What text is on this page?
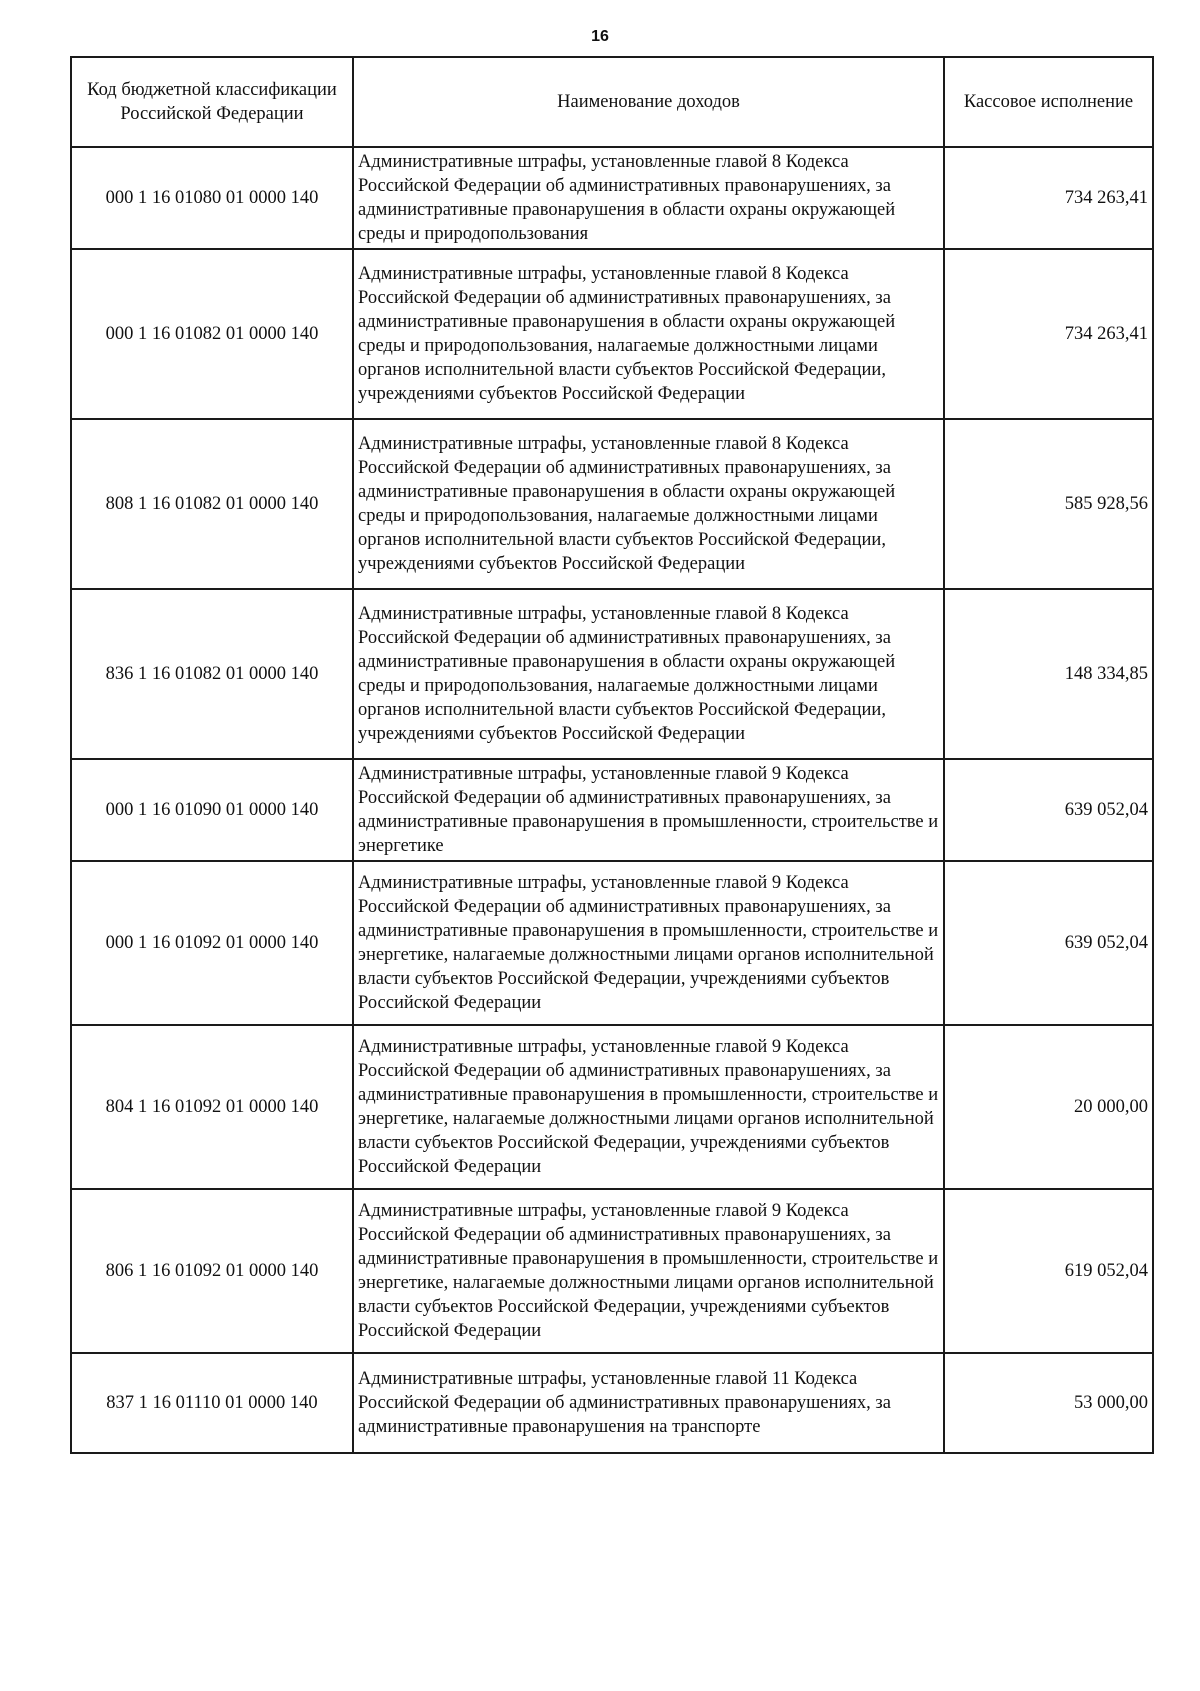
16
Код бюджетной классификации Российской Федерации	Наименование доходов	Кассовое исполнение
000 1 16 01080 01 0000 140	Административные штрафы, установленные главой 8 Кодекса Российской Федерации об административных правонарушениях, за административные правонарушения в области охраны окружающей среды и природопользования	734 263,41
000 1 16 01082 01 0000 140	Административные штрафы, установленные главой 8 Кодекса Российской Федерации об административных правонарушениях, за административные правонарушения в области охраны окружающей среды и природопользования, налагаемые должностными лицами органов исполнительной власти субъектов Российской Федерации, учреждениями субъектов Российской Федерации	734 263,41
808 1 16 01082 01 0000 140	Административные штрафы, установленные главой 8 Кодекса Российской Федерации об административных правонарушениях, за административные правонарушения в области охраны окружающей среды и природопользования, налагаемые должностными лицами органов исполнительной власти субъектов Российской Федерации, учреждениями субъектов Российской Федерации	585 928,56
836 1 16 01082 01 0000 140	Административные штрафы, установленные главой 8 Кодекса Российской Федерации об административных правонарушениях, за административные правонарушения в области охраны окружающей среды и природопользования, налагаемые должностными лицами органов исполнительной власти субъектов Российской Федерации, учреждениями субъектов Российской Федерации	148 334,85
000 1 16 01090 01 0000 140	Административные штрафы, установленные главой 9 Кодекса Российской Федерации об административных правонарушениях, за административные правонарушения в промышленности, строительстве и энергетике	639 052,04
000 1 16 01092 01 0000 140	Административные штрафы, установленные главой 9 Кодекса Российской Федерации об административных правонарушениях, за административные правонарушения в промышленности, строительстве и энергетике, налагаемые должностными лицами органов исполнительной власти субъектов Российской Федерации, учреждениями субъектов Российской Федерации	639 052,04
804 1 16 01092 01 0000 140	Административные штрафы, установленные главой 9 Кодекса Российской Федерации об административных правонарушениях, за административные правонарушения в промышленности, строительстве и энергетике, налагаемые должностными лицами органов исполнительной власти субъектов Российской Федерации, учреждениями субъектов Российской Федерации	20 000,00
806 1 16 01092 01 0000 140	Административные штрафы, установленные главой 9 Кодекса Российской Федерации об административных правонарушениях, за административные правонарушения в промышленности, строительстве и энергетике, налагаемые должностными лицами органов исполнительной власти субъектов Российской Федерации, учреждениями субъектов Российской Федерации	619 052,04
837 1 16 01110 01 0000 140	Административные штрафы, установленные главой 11 Кодекса Российской Федерации об административных правонарушениях, за административные правонарушения на транспорте	53 000,00
